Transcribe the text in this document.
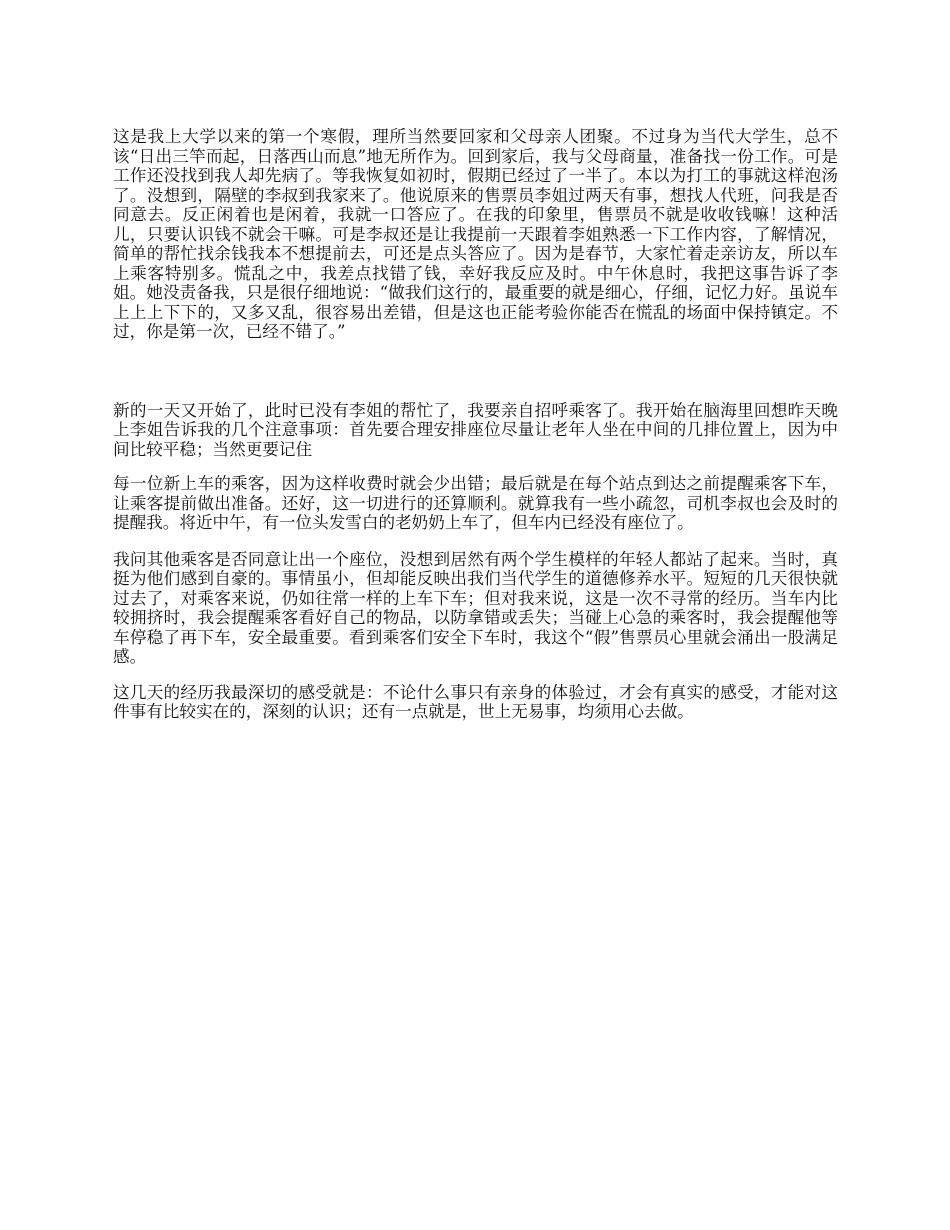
这是我上大学以来的第一个寒假，理所当然要回家和父母亲人团聚。不过身为当代大学生，总不该“日出三竿而起，日落西山而息”地无所作为。回到家后，我与父母商量，准备找一份工作。可是工作还没找到我人却先病了。等我恢复如初时，假期已经过了一半了。本以为打工的事就这样泡汤了。没想到，隔壁的李叔到我家来了。他说原来的售票员李姐过两天有事，想找人代班，问我是否同意去。反正闲着也是闲着，我就一口答应了。在我的印象里，售票员不就是收收钱嘛！这种活儿，只要认识钱不就会干嘛。可是李叔还是让我提前一天跟着李姐熟悉一下工作内容，了解情况，简单的帮忙找余钱我本不想提前去，可还是点头答应了。因为是春节，大家忙着走亲访友，所以车上乘客特别多。慌乱之中，我差点找错了钱，幸好我反应及时。中午休息时，我把这事告诉了李姐。她没责备我，只是很仔细地说：“做我们这行的，最重要的就是细心，仔细，记忆力好。虽说车上上上下下的，又多又乱，很容易出差错，但是这也正能考验你能否在慌乱的场面中保持镇定。不过，你是第一次，已经不错了。”

新的一天又开始了，此时已没有李姐的帮忙了，我要亲自招呼乘客了。我开始在脑海里回想昨天晚上李姐告诉我的几个注意事项：首先要合理安排座位尽量让老年人坐在中间的几排位置上，因为中间比较平稳；当然更要记住

每一位新上车的乘客，因为这样收费时就会少出错；最后就是在每个站点到达之前提醒乘客下车，让乘客提前做出准备。还好，这一切进行的还算顺利。就算我有一些小疏忽，司机李叔也会及时的提醒我。将近中午，有一位头发雪白的老奶奶上车了，但车内已经没有座位了。

我问其他乘客是否同意让出一个座位，没想到居然有两个学生模样的年轻人都站了起来。当时，真挺为他们感到自豪的。事情虽小，但却能反映出我们当代学生的道德修养水平。短短的几天很快就过去了，对乘客来说，仍如往常一样的上车下车；但对我来说，这是一次不寻常的经历。当车内比较拥挤时，我会提醒乘客看好自己的物品，以防拿错或丢失；当碰上心急的乘客时，我会提醒他等车停稳了再下车，安全最重要。看到乘客们安全下车时，我这个“假”售票员心里就会涌出一股满足感。

这几天的经历我最深切的感受就是：不论什么事只有亲身的体验过，才会有真实的感受，才能对这件事有比较实在的，深刻的认识；还有一点就是，世上无易事，均须用心去做。
